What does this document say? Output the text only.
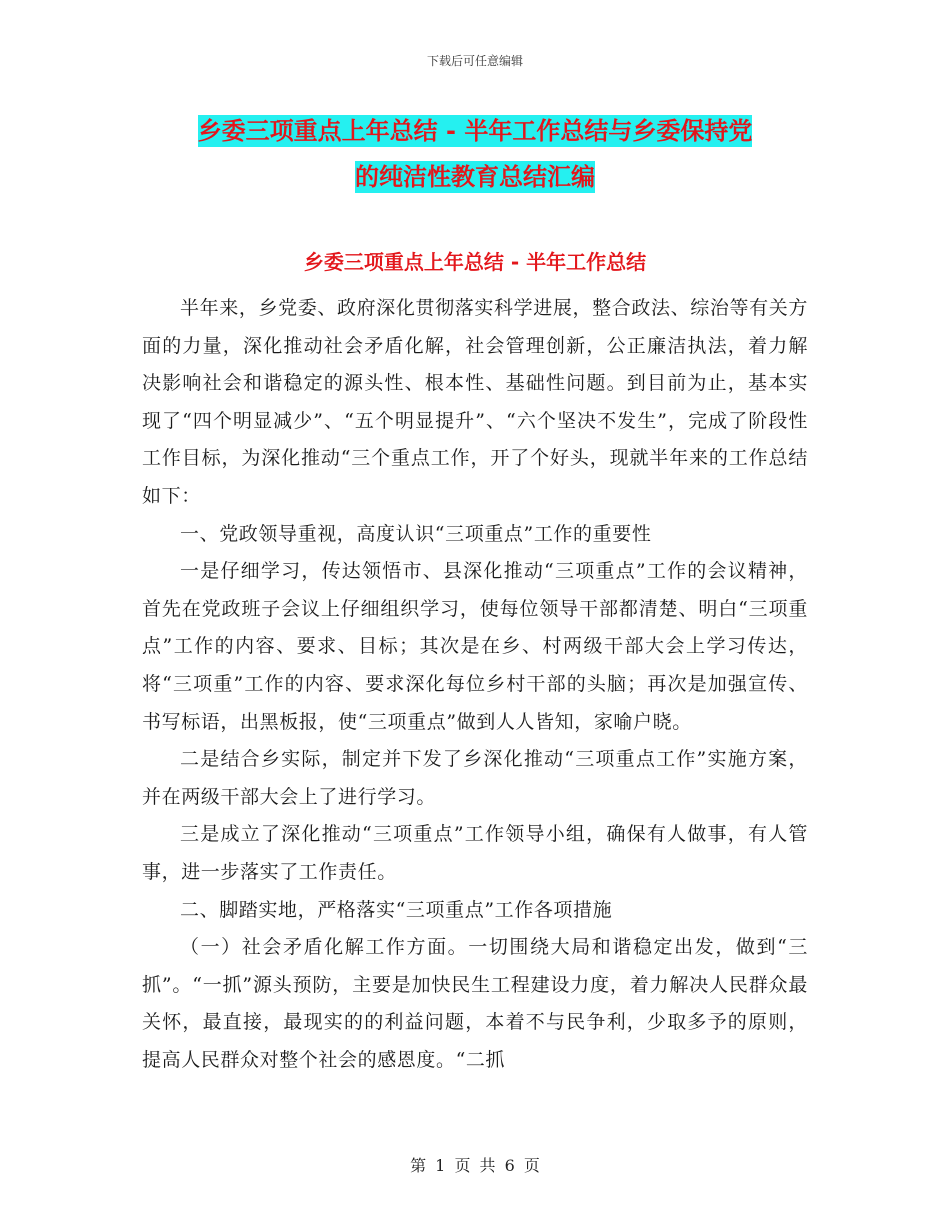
下载后可任意编辑
乡委三项重点上年总结 - 半年工作总结与乡委保持党
的纯洁性教育总结汇编
乡委三项重点上年总结 - 半年工作总结

半年来，乡党委、政府深化贯彻落实科学进展，整合政法、综治等有关方面的力量，深化推动社会矛盾化解，社会管理创新，公正廉洁执法，着力解决影响社会和谐稳定的源头性、根本性、基础性问题。到目前为止，基本实现了“四个明显减少”、“五个明显提升”、“六个坚决不发生”，完成了阶段性工作目标，为深化推动“三个重点工作，开了个好头，现就半年来的工作总结如下：

一、党政领导重视，高度认识“三项重点”工作的重要性

一是仔细学习，传达领悟市、县深化推动“三项重点”工作的会议精神，首先在党政班子会议上仔细组织学习，使每位领导干部都清楚、明白“三项重点”工作的内容、要求、目标；其次是在乡、村两级干部大会上学习传达，将“三项重”工作的内容、要求深化每位乡村干部的头脑；再次是加强宣传、书写标语，出黑板报，使“三项重点”做到人人皆知，家喻户晓。

二是结合乡实际，制定并下发了乡深化推动“三项重点工作”实施方案，并在两级干部大会上了进行学习。

三是成立了深化推动“三项重点”工作领导小组，确保有人做事，有人管事，进一步落实了工作责任。

二、脚踏实地，严格落实“三项重点”工作各项措施

（一）社会矛盾化解工作方面。一切围绕大局和谐稳定出发，做到“三抓”。“一抓”源头预防，主要是加快民生工程建设力度，着力解决人民群众最关怀，最直接，最现实的的利益问题，本着不与民争利，少取多予的原则，提高人民群众对整个社会的感恩度。“二抓

第 1 页 共 6 页
